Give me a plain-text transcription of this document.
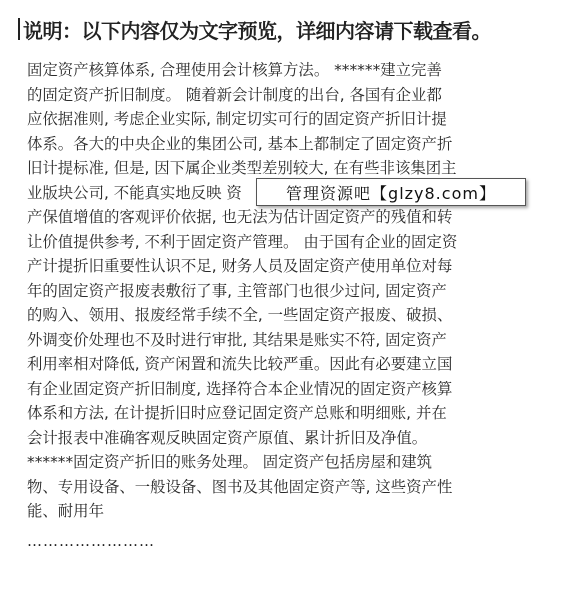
说明：以下内容仅为文字预览，详细内容请下载查看。
固定资产核算体系, 合理使用会计核算方法。 ******建立完善
的固定资产折旧制度。 随着新会计制度的出台, 各国有企业都
应依据准则, 考虑企业实际, 制定切实可行的固定资产折旧计提
体系。各大的中央企业的集团公司, 基本上都制定了固定资产折
旧计提标准, 但是, 因下属企业类型差别较大, 在有些非该集团主
业版块公司, 不能真实地反映 资
产保值增值的客观评价依据, 也无法为估计固定资产的残值和转
让价值提供参考, 不利于固定资产管理。 由于国有企业的固定资
产计提折旧重要性认识不足, 财务人员及固定资产使用单位对每
年的固定资产报废表敷衍了事, 主管部门也很少过问, 固定资产
的购入、领用、报废经常手续不全, 一些固定资产报废、破损、
外调变价处理也不及时进行审批, 其结果是账实不符, 固定资产
利用率相对降低, 资产闲置和流失比较严重。因此有必要建立国
有企业固定资产折旧制度, 选择符合本企业情况的固定资产核算
体系和方法, 在计提折旧时应登记固定资产总账和明细账, 并在
会计报表中准确客观反映固定资产原值、累计折旧及净值。
******固定资产折旧的账务处理。 固定资产包括房屋和建筑
物、专用设备、一般设备、图书及其他固定资产等, 这些资产性
能、耐用年
管理资源吧【glzy8.com】
……………………
